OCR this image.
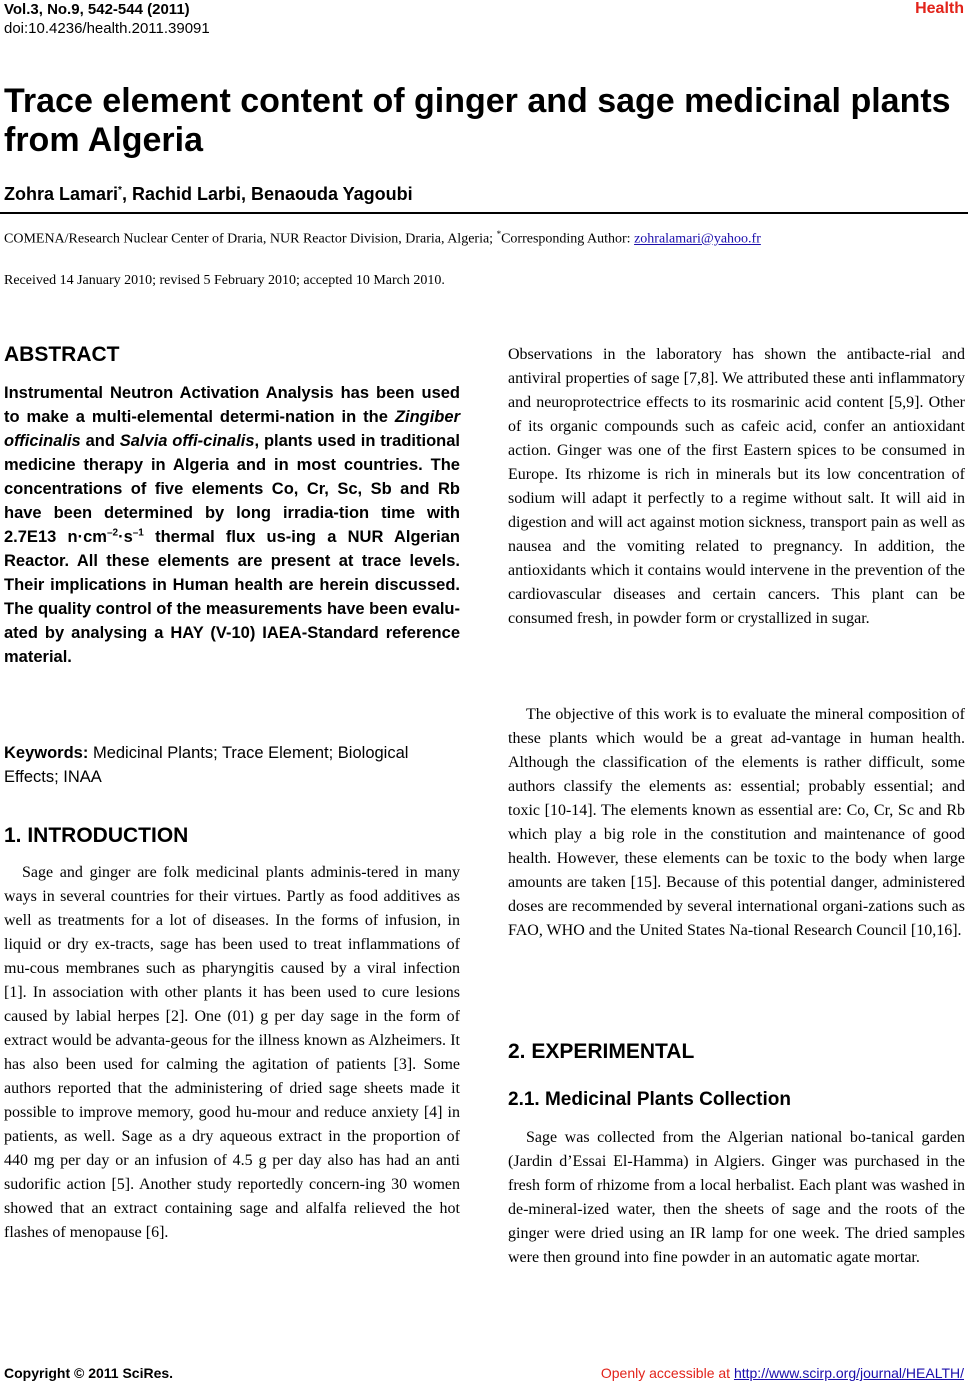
Vol.3, No.9, 542-544 (2011)
doi:10.4236/health.2011.39091
Health
Trace element content of ginger and sage medicinal plants from Algeria
Zohra Lamari*, Rachid Larbi, Benaouda Yagoubi
COMENA/Research Nuclear Center of Draria, NUR Reactor Division, Draria, Algeria; *Corresponding Author: zohralamari@yahoo.fr
Received 14 January 2010; revised 5 February 2010; accepted 10 March 2010.
ABSTRACT

Instrumental Neutron Activation Analysis has been used to make a multi-elemental determi-nation in the Zingiber officinalis and Salvia offi-cinalis, plants used in traditional medicine therapy in Algeria and in most countries. The concentrations of five elements Co, Cr, Sc, Sb and Rb have been determined by long irradia-tion time with 2.7E13 $n\cdot cm^{-2}\cdot s^{-1}$ thermal flux us-ing a NUR Algerian Reactor. All these elements are present at trace levels. Their implications in Human health are herein discussed. The quality control of the measurements have been evalu-ated by analysing a HAY (V-10) IAEA-Standard reference material.

Keywords: Medicinal Plants; Trace Element; Biological Effects; INAA

1. INTRODUCTION

Sage and ginger are folk medicinal plants adminis-tered in many ways in several countries for their virtues. Partly as food additives as well as treatments for a lot of diseases. In the forms of infusion, in liquid or dry ex-tracts, sage has been used to treat inflammations of mu-cous membranes such as pharyngitis caused by a viral infection [1]. In association with other plants it has been used to cure lesions caused by labial herpes [2]. One (01) g per day sage in the form of extract would be advanta-geous for the illness known as Alzheimers. It has also been used for calming the agitation of patients [3]. Some authors reported that the administering of dried sage sheets made it possible to improve memory, good hu-mour and reduce anxiety [4] in patients, as well. Sage as a dry aqueous extract in the proportion of 440 mg per day or an infusion of 4.5 g per day also has had an anti sudorific action [5]. Another study reportedly concern-ing 30 women showed that an extract containing sage and alfalfa relieved the hot flashes of menopause [6].

Observations in the laboratory has shown the antibacte-rial and antiviral properties of sage [7,8]. We attributed these anti inflammatory and neuroprotectrice effects to its rosmarinic acid content [5,9]. Other of its organic compounds such as cafeic acid, confer an antioxidant action. Ginger was one of the first Eastern spices to be consumed in Europe. Its rhizome is rich in minerals but its low concentration of sodium will adapt it perfectly to a regime without salt. It will aid in digestion and will act against motion sickness, transport pain as well as nausea and the vomiting related to pregnancy. In addition, the antioxidants which it contains would intervene in the prevention of the cardiovascular diseases and certain cancers. This plant can be consumed fresh, in powder form or crystallized in sugar.

The objective of this work is to evaluate the mineral composition of these plants which would be a great ad-vantage in human health. Although the classification of the elements is rather difficult, some authors classify the elements as: essential; probably essential; and toxic [10-14]. The elements known as essential are: Co, Cr, Sc and Rb which play a big role in the constitution and maintenance of good health. However, these elements can be toxic to the body when large amounts are taken [15]. Because of this potential danger, administered doses are recommended by several international organi-zations such as FAO, WHO and the United States Na-tional Research Council [10,16].

2. EXPERIMENTAL
2.1. Medicinal Plants Collection

Sage was collected from the Algerian national bo-tanical garden (Jardin d’Essai El-Hamma) in Algiers. Ginger was purchased in the fresh form of rhizome from a local herbalist. Each plant was washed in de-mineral-ized water, then the sheets of sage and the roots of the ginger were dried using an IR lamp for one week. The dried samples were then ground into fine powder in an automatic agate mortar.

Copyright © 2011 SciRes.	Openly accessible at http://www.scirp.org/journal/HEALTH/
